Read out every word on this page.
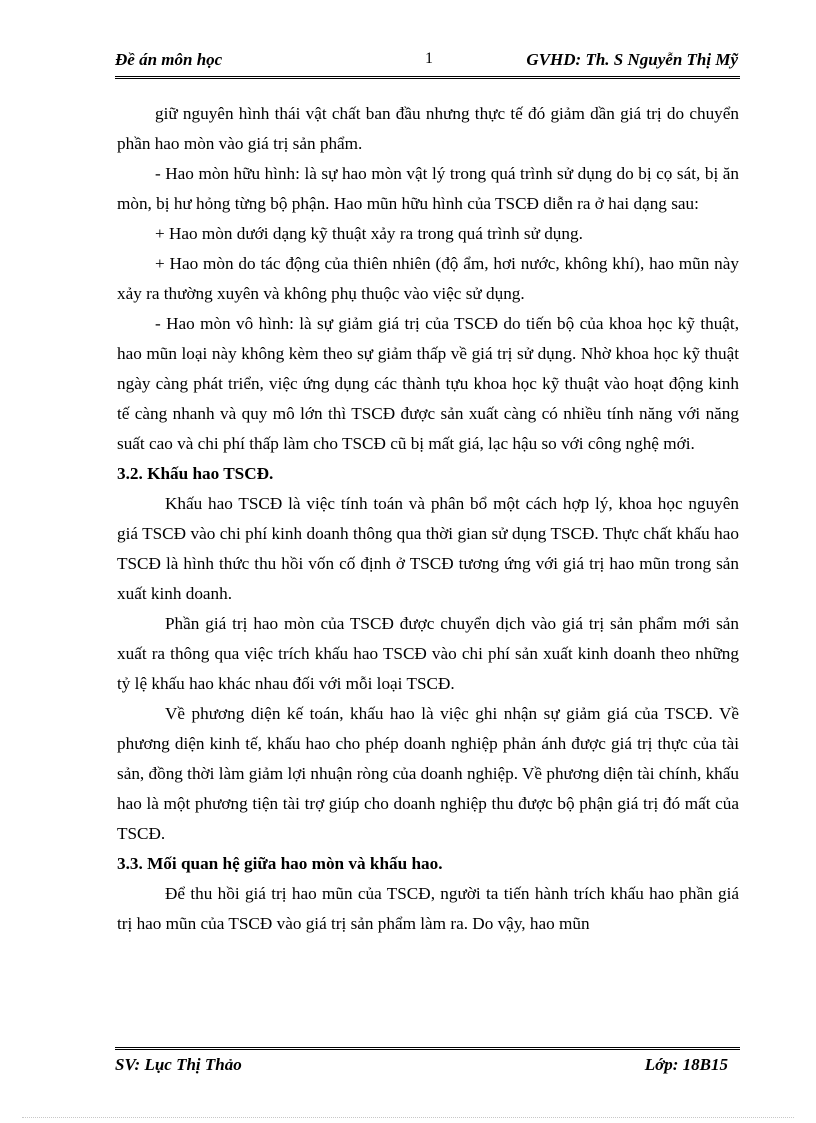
Đề án môn học	1	GVHD: Th. S Nguyễn Thị Mỹ

giữ nguyên hình thái vật chất ban đầu nhưng thực tế đó giảm dần giá trị do chuyển phần hao mòn vào giá trị sản phẩm.

- Hao mòn hữu hình: là sự hao mòn vật lý trong quá trình sử dụng do bị cọ sát, bị ăn mòn, bị hư hỏng từng bộ phận. Hao mũn hữu hình của TSCĐ diễn ra ở hai dạng sau:

+ Hao mòn dưới dạng kỹ thuật xảy ra trong quá trình sử dụng.

+ Hao mòn do tác động của thiên nhiên (độ ẩm, hơi nước, không khí), hao mũn này xảy ra thường xuyên và không phụ thuộc vào việc sử dụng.

- Hao mòn vô hình: là sự giảm giá trị của TSCĐ do tiến bộ của khoa học kỹ thuật, hao mũn loại này không kèm theo sự giảm thấp về giá trị sử dụng. Nhờ khoa học kỹ thuật ngày càng phát triển, việc ứng dụng các thành tựu khoa học kỹ thuật vào hoạt động kinh tế càng nhanh và quy mô lớn thì TSCĐ được sản xuất càng có nhiều tính năng với năng suất cao và chi phí thấp làm cho TSCĐ cũ bị mất giá, lạc hậu so với công nghệ mới.

3.2. Khấu hao TSCĐ.

Khấu hao TSCĐ là việc tính toán và phân bổ một cách hợp lý, khoa học nguyên giá TSCĐ vào chi phí kinh doanh thông qua thời gian sử dụng TSCĐ. Thực chất khấu hao TSCĐ là hình thức thu hồi vốn cố định ở TSCĐ tương ứng với giá trị hao mũn trong sản xuất kinh doanh.

Phần giá trị hao mòn của TSCĐ được chuyển dịch vào giá trị sản phẩm mới sản xuất ra thông qua việc trích khấu hao TSCĐ vào chi phí sản xuất kinh doanh theo những tỷ lệ khấu hao khác nhau đối với mỗi loại TSCĐ.

Về phương diện kế toán, khấu hao là việc ghi nhận sự giảm giá của TSCĐ. Về phương diện kinh tế, khấu hao cho phép doanh nghiệp phản ánh được giá trị thực của tài sản, đồng thời làm giảm lợi nhuận ròng của doanh nghiệp. Về phương diện tài chính, khấu hao là một phương tiện tài trợ giúp cho doanh nghiệp thu được bộ phận giá trị đó mất của TSCĐ.

3.3. Mối quan hệ giữa hao mòn và khấu hao.

Để thu hồi giá trị hao mũn của TSCĐ, người ta tiến hành trích khấu hao phần giá trị hao mũn của TSCĐ vào giá trị sản phẩm làm ra. Do vậy, hao mũn

SV: Lục Thị Thảo	Lớp: 18B15
